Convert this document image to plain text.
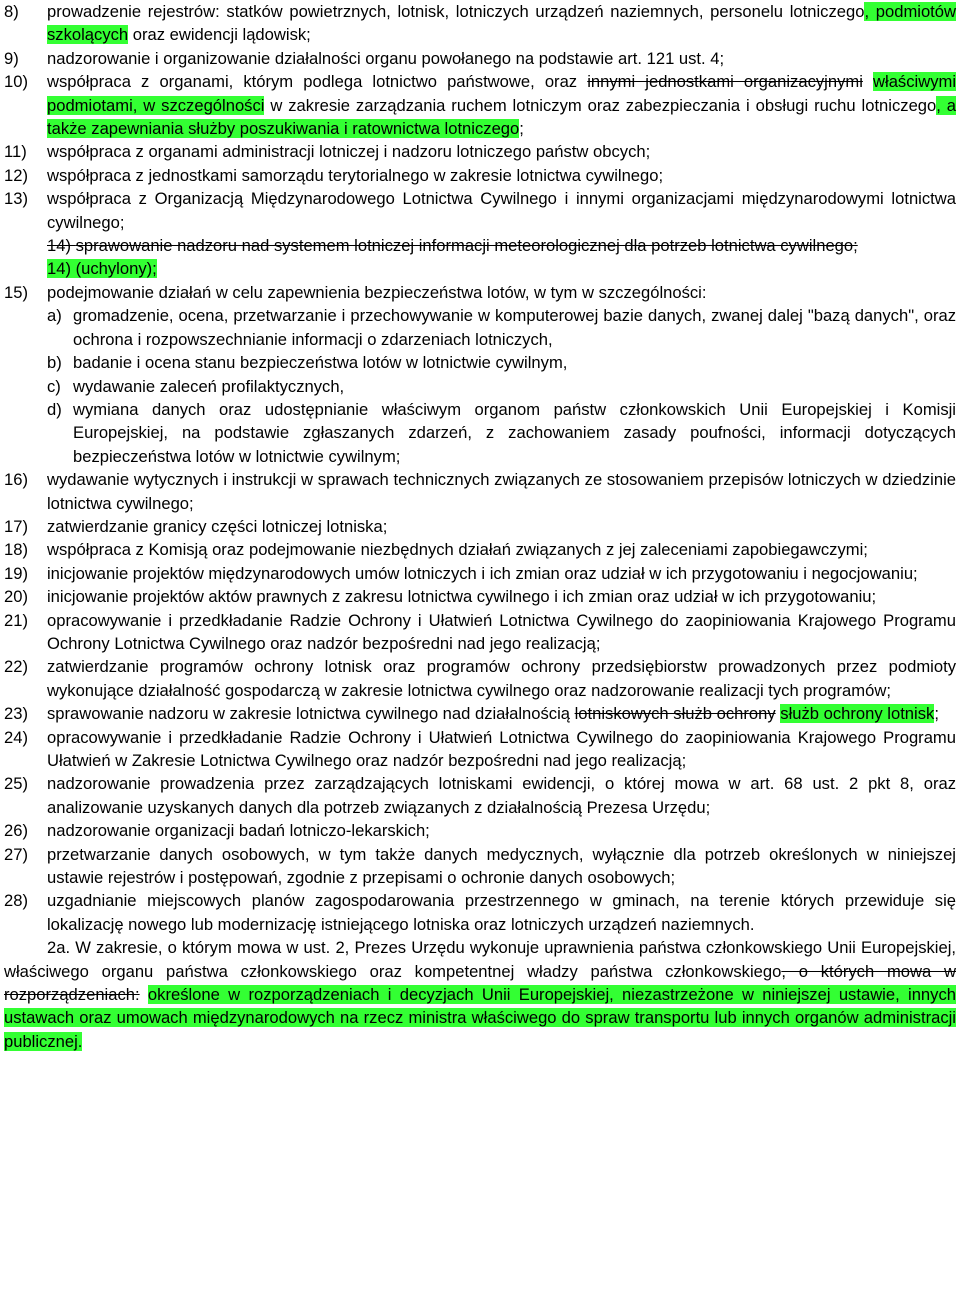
8)	prowadzenie rejestrów: statków powietrznych, lotnisk, lotniczych urządzeń naziemnych, personelu lotniczego, podmiotów szkolących oraz ewidencji lądowisk;
9)	nadzorowanie i organizowanie działalności organu powołanego na podstawie art. 121 ust. 4;
10)	współpraca z organami, którym podlega lotnictwo państwowe, oraz innymi jednostkami organizacyjnymi właściwymi podmiotami, w szczególności w zakresie zarządzania ruchem lotniczym oraz zabezpieczania i obsługi ruchu lotniczego, a także zapewniania służby poszukiwania i ratownictwa lotniczego;
11)	współpraca z organami administracji lotniczej i nadzoru lotniczego państw obcych;
12)	współpraca z jednostkami samorządu terytorialnego w zakresie lotnictwa cywilnego;
13)	współpraca z Organizacją Międzynarodowego Lotnictwa Cywilnego i innymi organizacjami międzynarodowymi lotnictwa cywilnego;
14) sprawowanie nadzoru nad systemem lotniczej informacji meteorologicznej dla potrzeb lotnictwa cywilnego;
14) (uchylony);
15)	podejmowanie działań w celu zapewnienia bezpieczeństwa lotów, w tym w szczególności:
a) gromadzenie, ocena, przetwarzanie i przechowywanie w komputerowej bazie danych, zwanej dalej "bazą danych", oraz ochrona i rozpowszechnianie informacji o zdarzeniach lotniczych,
b) badanie i ocena stanu bezpieczeństwa lotów w lotnictwie cywilnym,
c) wydawanie zaleceń profilaktycznych,
d) wymiana danych oraz udostępnianie właściwym organom państw członkowskich Unii Europejskiej i Komisji Europejskiej, na podstawie zgłaszanych zdarzeń, z zachowaniem zasady poufności, informacji dotyczących bezpieczeństwa lotów w lotnictwie cywilnym;
16)	wydawanie wytycznych i instrukcji w sprawach technicznych związanych ze stosowaniem przepisów lotniczych w dziedzinie lotnictwa cywilnego;
17)	zatwierdzanie granicy części lotniczej lotniska;
18)	współpraca z Komisją oraz podejmowanie niezbędnych działań związanych z jej zaleceniami zapobiegawczymi;
19)	inicjowanie projektów międzynarodowych umów lotniczych i ich zmian oraz udział w ich przygotowaniu i negocjowaniu;
20)	inicjowanie projektów aktów prawnych z zakresu lotnictwa cywilnego i ich zmian oraz udział w ich przygotowaniu;
21)	opracowywanie i przedkładanie Radzie Ochrony i Ułatwień Lotnictwa Cywilnego do zaopiniowania Krajowego Programu Ochrony Lotnictwa Cywilnego oraz nadzór bezpośredni nad jego realizacją;
22)	zatwierdzanie programów ochrony lotnisk oraz programów ochrony przedsiębiorstw prowadzonych przez podmioty wykonujące działalność gospodarczą w zakresie lotnictwa cywilnego oraz nadzorowanie realizacji tych programów;
23)	sprawowanie nadzoru w zakresie lotnictwa cywilnego nad działalnością lotniskowych służb ochrony służb ochrony lotnisk;
24)	opracowywanie i przedkładanie Radzie Ochrony i Ułatwień Lotnictwa Cywilnego do zaopiniowania Krajowego Programu Ułatwień w Zakresie Lotnictwa Cywilnego oraz nadzór bezpośredni nad jego realizacją;
25)	nadzorowanie prowadzenia przez zarządzających lotniskami ewidencji, o której mowa w art. 68 ust. 2 pkt 8, oraz analizowanie uzyskanych danych dla potrzeb związanych z działalnością Prezesa Urzędu;
26)	nadzorowanie organizacji badań lotniczo-lekarskich;
27)	przetwarzanie danych osobowych, w tym także danych medycznych, wyłącznie dla potrzeb określonych w niniejszej ustawie rejestrów i postępowań, zgodnie z przepisami o ochronie danych osobowych;
28)	uzgadnianie miejscowych planów zagospodarowania przestrzennego w gminach, na terenie których przewiduje się lokalizację nowego lub modernizację istniejącego lotniska oraz lotniczych urządzeń naziemnych.

2a. W zakresie, o którym mowa w ust. 2, Prezes Urzędu wykonuje uprawnienia państwa członkowskiego Unii Europejskiej, właściwego organu państwa członkowskiego oraz kompetentnej władzy państwa członkowskiego, o których mowa w rozporządzeniach: określone w rozporządzeniach i decyzjach Unii Europejskiej, niezastrzeżone w niniejszej ustawie, innych ustawach oraz umowach międzynarodowych na rzecz ministra właściwego do spraw transportu lub innych organów administracji publicznej.
